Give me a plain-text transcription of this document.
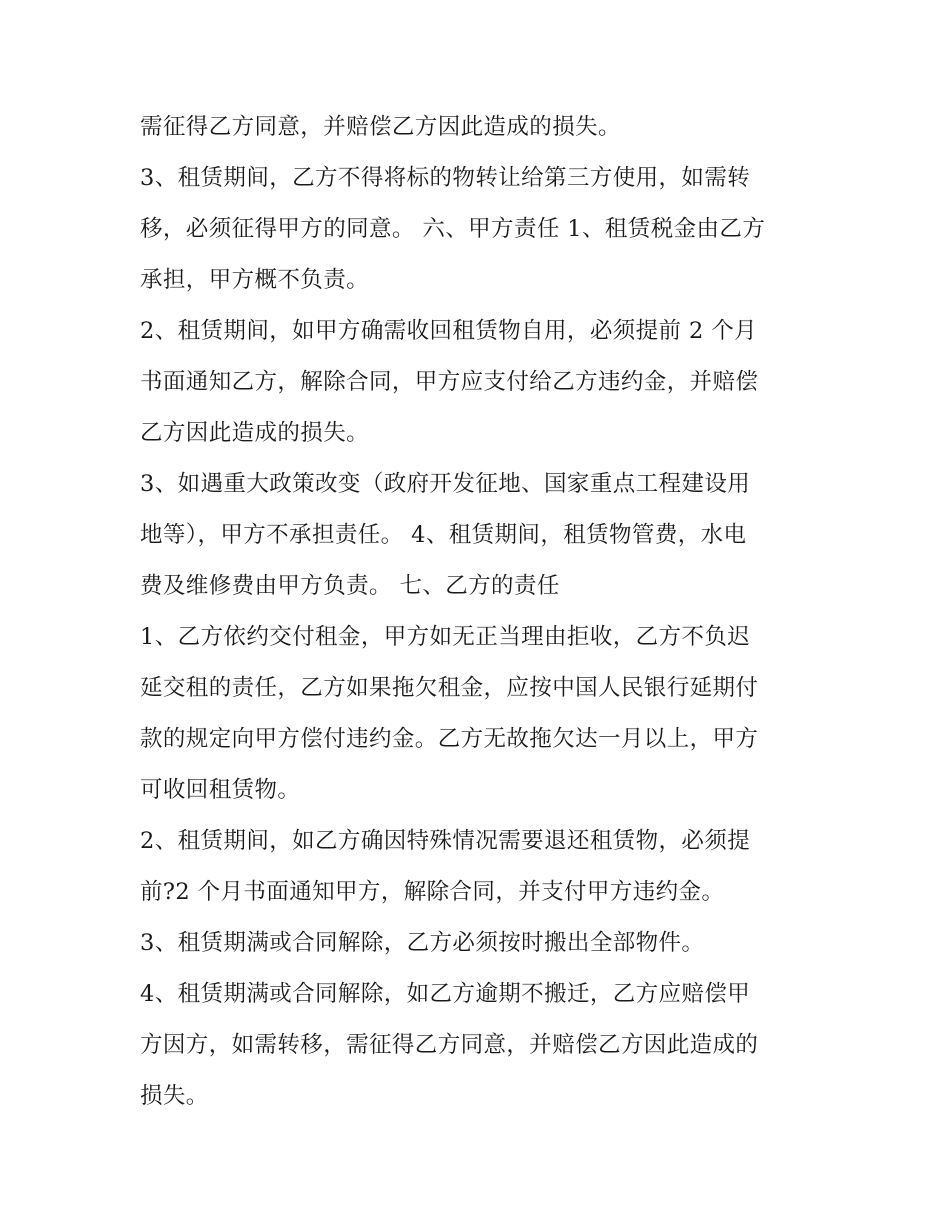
需征得乙方同意，并赔偿乙方因此造成的损失。
3、租赁期间，乙方不得将标的物转让给第三方使用，如需转
移，必须征得甲方的同意。 六、甲方责任 1、租赁税金由乙方
承担，甲方概不负责。
2、租赁期间，如甲方确需收回租赁物自用，必须提前 2 个月
书面通知乙方，解除合同，甲方应支付给乙方违约金，并赔偿
乙方因此造成的损失。
3、如遇重大政策改变（政府开发征地、国家重点工程建设用
地等），甲方不承担责任。 4、租赁期间，租赁物管费，水电
费及维修费由甲方负责。 七、乙方的责任
1、乙方依约交付租金，甲方如无正当理由拒收，乙方不负迟
延交租的责任，乙方如果拖欠租金，应按中国人民银行延期付
款的规定向甲方偿付违约金。乙方无故拖欠达一月以上，甲方
可收回租赁物。
2、租赁期间，如乙方确因特殊情况需要退还租赁物，必须提
前?2 个月书面通知甲方，解除合同，并支付甲方违约金。
3、租赁期满或合同解除，乙方必须按时搬出全部物件。
4、租赁期满或合同解除，如乙方逾期不搬迁，乙方应赔偿甲
方因方，如需转移，需征得乙方同意，并赔偿乙方因此造成的
损失。
